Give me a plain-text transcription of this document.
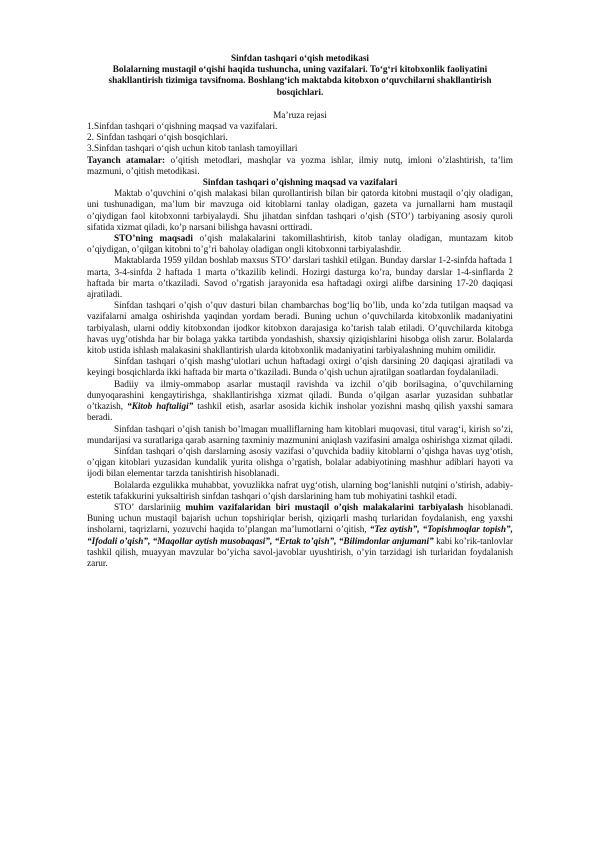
Sinfdan tashqari o‘qish metodikasi
Bolalarning mustaqil o‘qishi haqida tushuncha, uning vazifalari. To‘g‘ri kitobxonlik faoliyatini shakllantirish tizimiga tavsifnoma. Boshlang‘ich maktabda kitobxon o‘quvchilarni shakllantirish bosqichlari.
Ma’ruza rejasi
1.Sinfdan tashqari o‘qishning maqsad va vazifalari.
2. Sinfdan tashqari o‘qish bosqichlari.
3.Sinfdan tashqari o‘qish uchun kitob tanlash tamoyillari
Tayanch atamalar: o’qitish metodlari, mashqlar va yozma ishlar, ilmiy nutq, imloni o’zlashtirish, ta’lim mazmuni, o’qitish metodikasi.
Sinfdan tashqari o’qishning maqsad va vazifalari

Maktab o’quvchini o’qish malakasi bilan qurollantirish bilan bir qatorda kitobni mustaqil o’qiy oladigan, uni tushunadigan, ma’lum bir mavzuga oid kitoblarni tanlay oladigan, gazeta va jurnallarni ham mustaqil o’qiydigan faol kitobxonni tarbiyalaydi. Shu jihatdan sinfdan tashqari o’qish (STO’) tarbiyaning asosiy quroli sifatida xizmat qiladi, ko’p narsani bilishga havasni orttiradi.

STO’ning maqsadi o’qish malakalarini takomillashtirish, kitob tanlay oladigan, muntazam kitob o’qiydigan, o’qilgan kitobni to’g’ri baholay oladigan ongli kitobxonni tarbiyalashdir.

Maktablarda 1959 yildan boshlab maxsus STO’ darslari tashkil etilgan. Bunday darslar 1-2-sinfda haftada 1 marta, 3-4-sinfda 2 haftada 1 marta o’tkazilib kelindi. Hozirgi dasturga ko’ra, bunday darslar 1-4-sinflarda 2 haftada bir marta o’tkaziladi. Savod o’rgatish jarayonida esa haftadagi oxirgi alifbe darsining 17-20 daqiqasi ajratiladi.

Sinfdan tashqari o’qish o’quv dasturi bilan chambarchas bog‘liq bo’lib, unda ko’zda tutilgan maqsad va vazifalarni amalga oshirishda yaqindan yordam beradi. Buning uchun o’quvchilarda kitobxonlik madaniyatini tarbiyalash, ularni oddiy kitobxondan ijodkor kitobxon darajasiga ko’tarish talab etiladi. O’quvchilarda kitobga havas uyg’otishda har bir bolaga yakka tartibda yondashish, shaxsiy qiziqishlarini hisobga olish zarur. Bolalarda kitob ustida ishlash malakasini shakllantirish ularda kitobxonlik madaniyatini tarbiyalashning muhim omilidir.

Sinfdan tashqari o’qish mashg‘ulotlari uchun haftadagi oxirgi o’qish darsining 20 daqiqasi ajratiladi va keyingi bosqichlarda ikki haftada bir marta o’tkaziladi. Bunda o’qish uchun ajratilgan soatlardan foydalaniladi.

Badiiy va ilmiy-ommabop asarlar mustaqil ravishda va izchil o’qib borilsagina, o’quvchilarning dunyoqarashini kengaytirishga, shakllantirishga xizmat qiladi. Bunda o’qilgan asarlar yuzasidan suhbatlar o’tkazish, “Kitob haftaligi” tashkil etish, asarlar asosida kichik insholar yozishni mashq qilish yaxshi samara beradi.

Sinfdan tashqari o’qish tanish bo’lmagan mualliflarning ham kitoblari muqovasi, titul varag‘i, kirish so’zi, mundarijasi va suratlariga qarab asarning taxminiy mazmunini aniqlash vazifasini amalga oshirishga xizmat qiladi.

Sinfdan tashqari o’qish darslarning asosiy vazifasi o’quvchida badiiy kitoblarni o’qishga havas uyg‘otish, o’qigan kitoblari yuzasidan kundalik yurita olishga o’rgatish, bolalar adabiyotining mashhur adiblari hayoti va ijodi bilan elementar tarzda tanishtirish hisoblanadi.

Bolalarda ezgulikka muhabbat, yovuzlikka nafrat uyg‘otish, ularning bog‘lanishli nutqini o’stirish, adabiy-estetik tafakkurini yuksaltirish sinfdan tashqari o’qish darslarining ham tub mohiyatini tashkil etadi.

STO’ darslariniig muhim vazifalaridan biri mustaqil o’qish malakalarini tarbiyalash hisoblanadi. Buning uchun mustaqil bajarish uchun topshiriqlar berish, qiziqarli mashq turlaridan foydalanish, eng yaxshi insholarni, taqrizlarni, yozuvchi haqida to’plangan ma’lumotlarni o’qitish, “Tez aytish”, “Topishmoqlar topish”, “Ifodali o’qish”, “Maqollar aytish musobaqasi”, “Ertak to’qish”, “Bilimdonlar anjumani” kabi ko’rik-tanlovlar tashkil qilish, muayyan mavzular bo’yicha savol-javoblar uyushtirish, o’yin tarzidagi ish turlaridan foydalanish zarur.
